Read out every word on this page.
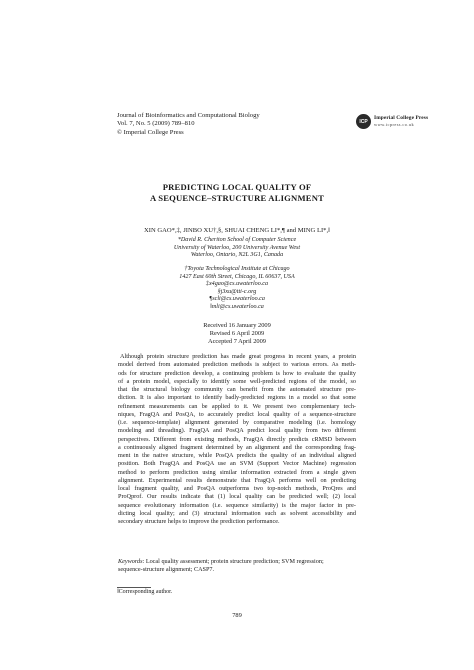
Journal of Bioinformatics and Computational Biology
Vol. 7, No. 5 (2009) 789–810
© Imperial College Press
ICP
Imperial College Press
www.icpress.co.uk
PREDICTING LOCAL QUALITY OF
A SEQUENCE–STRUCTURE ALIGNMENT
XIN GAO*,‡, JINBO XU†,§, SHUAI CHENG LI*,¶ and MING LI*,‖
*David R. Cheriton School of Computer Science
University of Waterloo, 200 University Avenue West
Waterloo, Ontario, N2L 3G1, Canada
†Toyota Technological Institute at Chicago
1427 East 60th Street, Chicago, IL 60637, USA
‡x4gao@cs.uwaterloo.ca
§j3xu@tti-c.org
¶scli@cs.uwaterloo.ca
‖mli@cs.uwaterloo.ca
Received 16 January 2009
Revised 6 April 2009
Accepted 7 April 2009
Although protein structure prediction has made great progress in recent years, a protein
model derived from automated prediction methods is subject to various errors. As meth-
ods for structure prediction develop, a continuing problem is how to evaluate the quality
of a protein model, especially to identify some well-predicted regions of the model, so
that the structural biology community can benefit from the automated structure pre-
diction. It is also important to identify badly-predicted regions in a model so that some
refinement measurements can be applied to it. We present two complementary tech-
niques, FragQA and PosQA, to accurately predict local quality of a sequence-structure
(i.e. sequence-template) alignment generated by comparative modeling (i.e. homology
modeling and threading). FragQA and PosQA predict local quality from two different
perspectives. Different from existing methods, FragQA directly predicts cRMSD between
a continuously aligned fragment determined by an alignment and the corresponding frag-
ment in the native structure, while PosQA predicts the quality of an individual aligned
position. Both FragQA and PosQA use an SVM (Support Vector Machine) regression
method to perform prediction using similar information extracted from a single given
alignment. Experimental results demonstrate that FragQA performs well on predicting
local fragment quality, and PosQA outperforms two top-notch methods, ProQres and
ProQprof. Our results indicate that (1) local quality can be predicted well; (2) local
sequence evolutionary information (i.e. sequence similarity) is the major factor in pre-
dicting local quality; and (3) structural information such as solvent accessibility and
secondary structure helps to improve the prediction performance.
Keywords: Local quality assessment; protein structure prediction; SVM regression;
sequence-structure alignment; CASP7.
‖Corresponding author.
789
